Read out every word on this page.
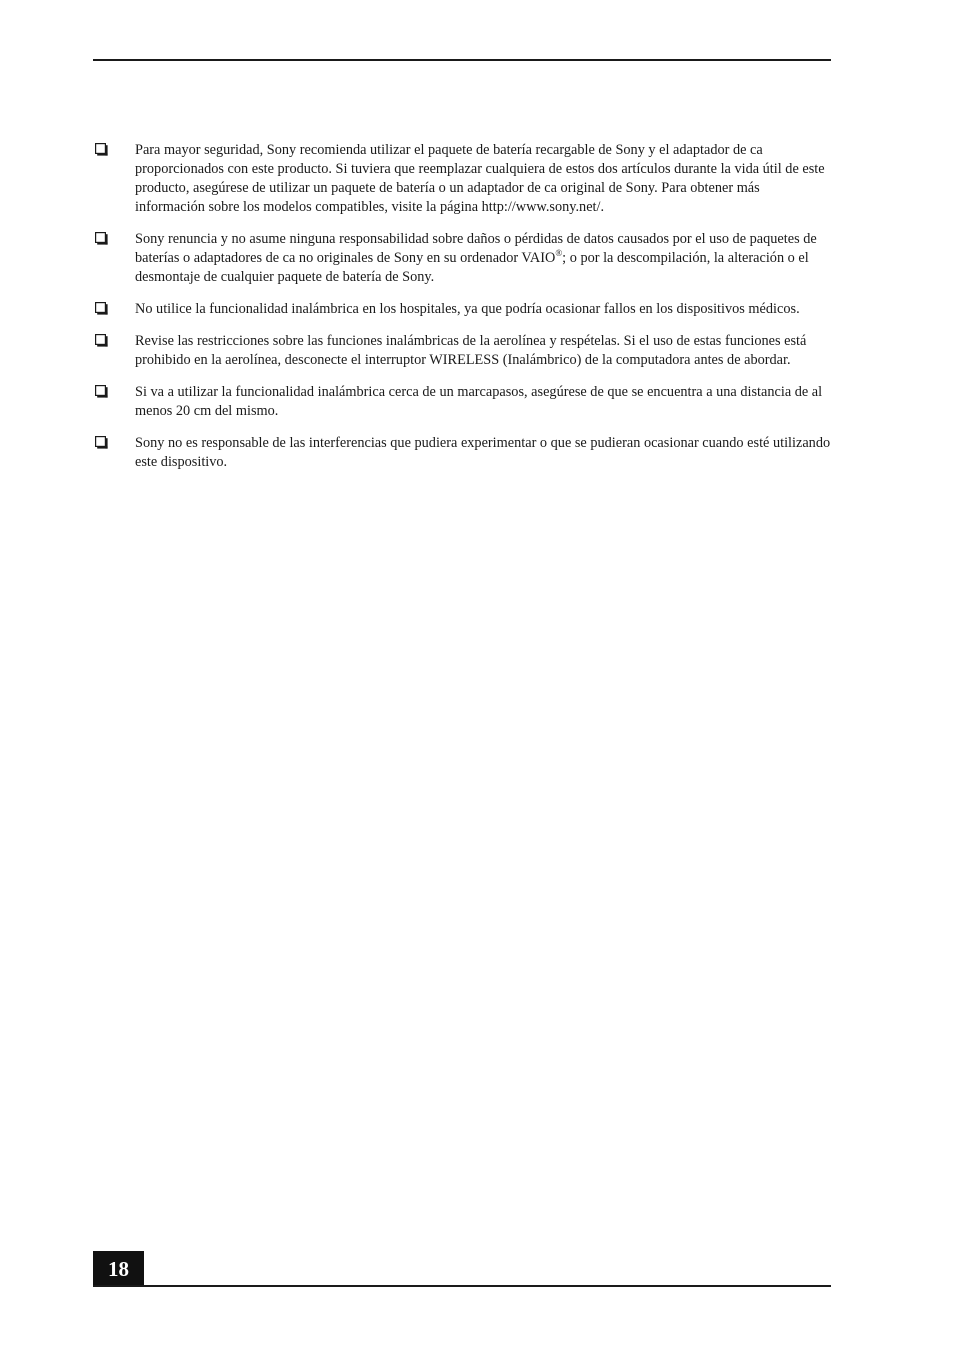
Para mayor seguridad, Sony recomienda utilizar el paquete de batería recargable de Sony y el adaptador de ca proporcionados con este producto. Si tuviera que reemplazar cualquiera de estos dos artículos durante la vida útil de este producto, asegúrese de utilizar un paquete de batería o un adaptador de ca original de Sony. Para obtener más información sobre los modelos compatibles, visite la página http://www.sony.net/.
Sony renuncia y no asume ninguna responsabilidad sobre daños o pérdidas de datos causados por el uso de paquetes de baterías o adaptadores de ca no originales de Sony en su ordenador VAIO®; o por la descompilación, la alteración o el desmontaje de cualquier paquete de batería de Sony.
No utilice la funcionalidad inalámbrica en los hospitales, ya que podría ocasionar fallos en los dispositivos médicos.
Revise las restricciones sobre las funciones inalámbricas de la aerolínea y respételas. Si el uso de estas funciones está prohibido en la aerolínea, desconecte el interruptor WIRELESS (Inalámbrico) de la computadora antes de abordar.
Si va a utilizar la funcionalidad inalámbrica cerca de un marcapasos, asegúrese de que se encuentra a una distancia de al menos 20 cm del mismo.
Sony no es responsable de las interferencias que pudiera experimentar o que se pudieran ocasionar cuando esté utilizando este dispositivo.
18
